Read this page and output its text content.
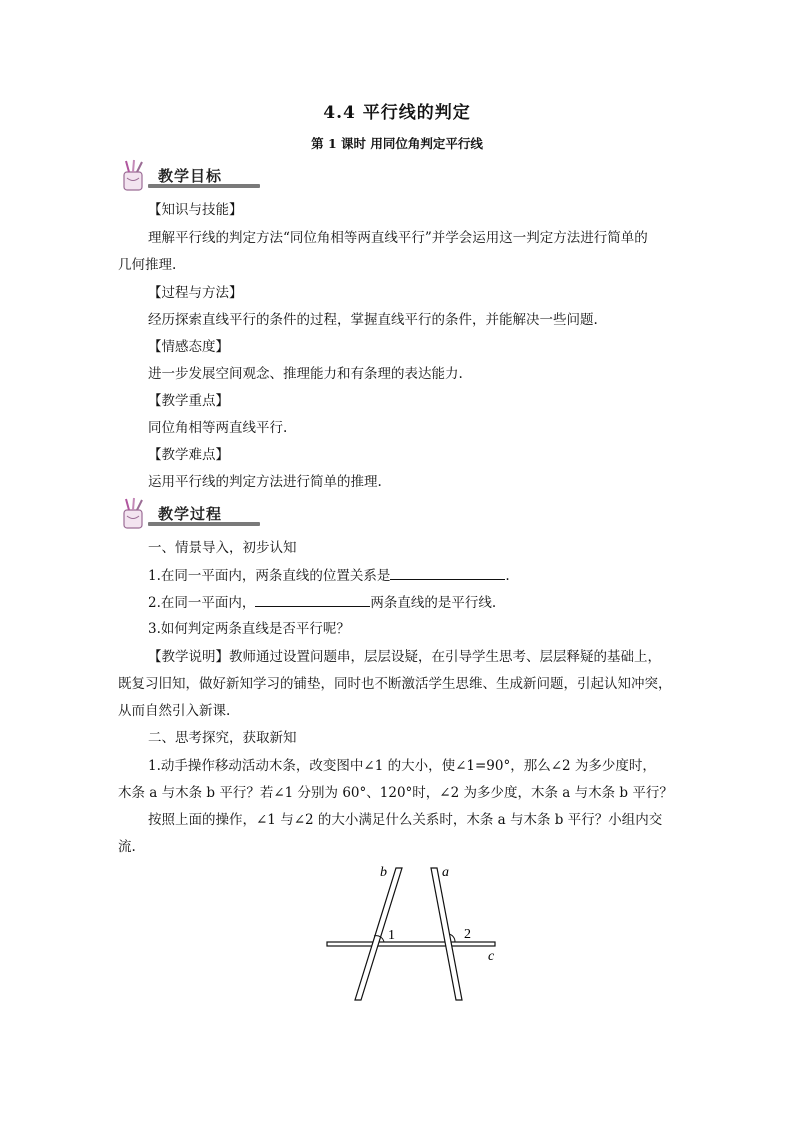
4.4 平行线的判定
第 1 课时 用同位角判定平行线
教学目标
【知识与技能】
理解平行线的判定方法“同位角相等两直线平行”并学会运用这一判定方法进行简单的
几何推理.
【过程与方法】
经历探索直线平行的条件的过程，掌握直线平行的条件，并能解决一些问题.
【情感态度】
进一步发展空间观念、推理能力和有条理的表达能力.
【教学重点】
同位角相等两直线平行.
【教学难点】
运用平行线的判定方法进行简单的推理.
教学过程
一、情景导入，初步认知
1.在同一平面内，两条直线的位置关系是	.
2.在同一平面内，	两条直线的是平行线.
3.如何判定两条直线是否平行呢？
【教学说明】教师通过设置问题串，层层设疑，在引导学生思考、层层释疑的基础上，
既复习旧知，做好新知学习的铺垫，同时也不断激活学生思维、生成新问题，引起认知冲突，
从而自然引入新课.
二、思考探究，获取新知
1.动手操作移动活动木条，改变图中∠1 的大小，使∠1=90°，那么∠2 为多少度时，
木条 a 与木条 b 平行？若∠1 分别为 60°、120°时，∠2 为多少度，木条 a 与木条 b 平行？
按照上面的操作，∠1 与∠2 的大小满足什么关系时，木条 a 与木条 b 平行？小组内交
流.
b	a
c
1	2
